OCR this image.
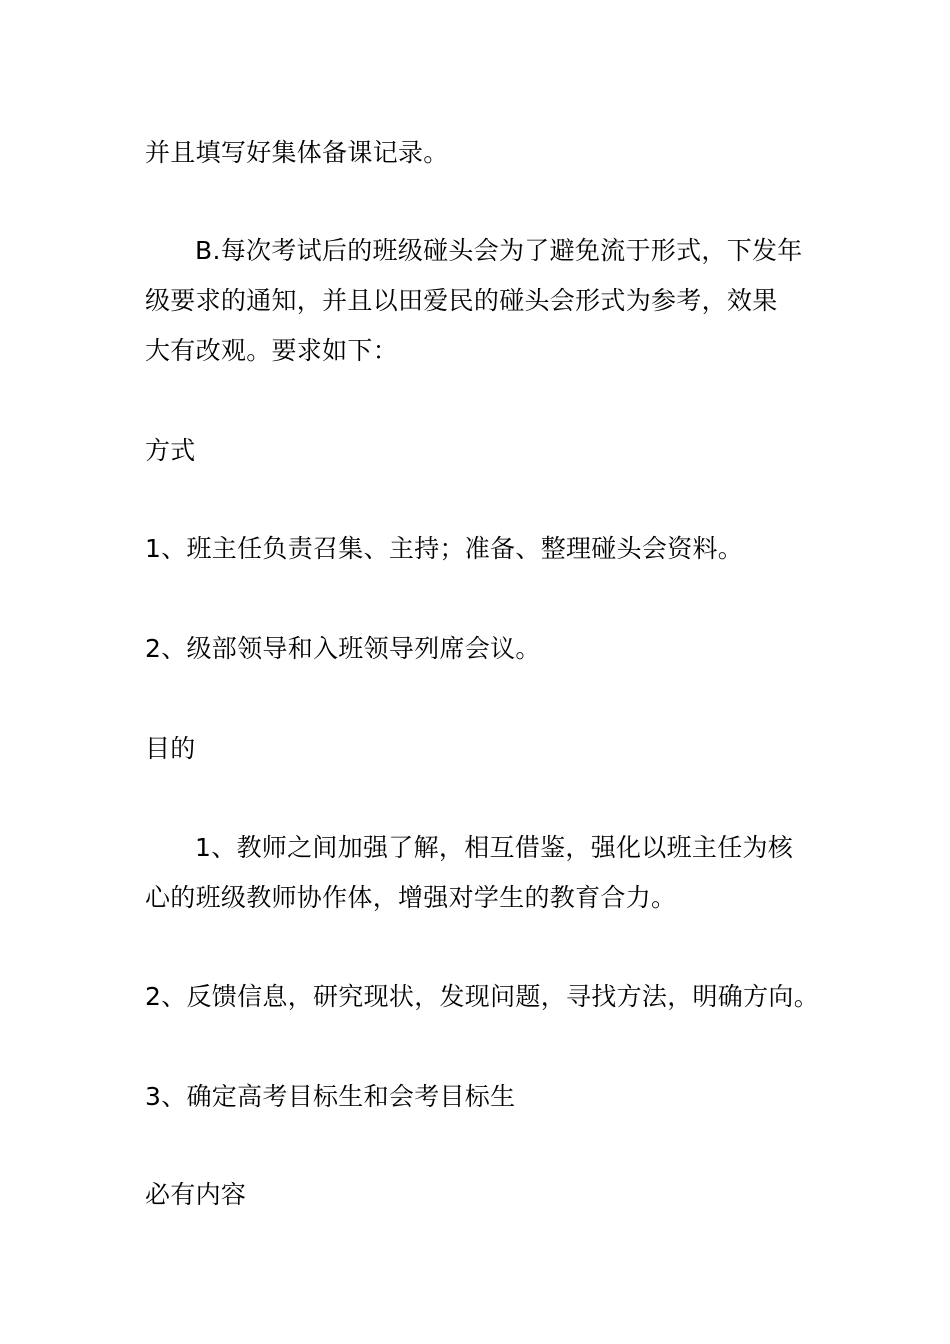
并且填写好集体备课记录。
B.每次考试后的班级碰头会为了避免流于形式，下发年
级要求的通知，并且以田爱民的碰头会形式为参考，效果
大有改观。要求如下：
方式
1、班主任负责召集、主持；准备、整理碰头会资料。
2、级部领导和入班领导列席会议。
目的
1、教师之间加强了解，相互借鉴，强化以班主任为核
心的班级教师协作体，增强对学生的教育合力。
2、反馈信息，研究现状，发现问题，寻找方法，明确方向。
3、确定高考目标生和会考目标生
必有内容
